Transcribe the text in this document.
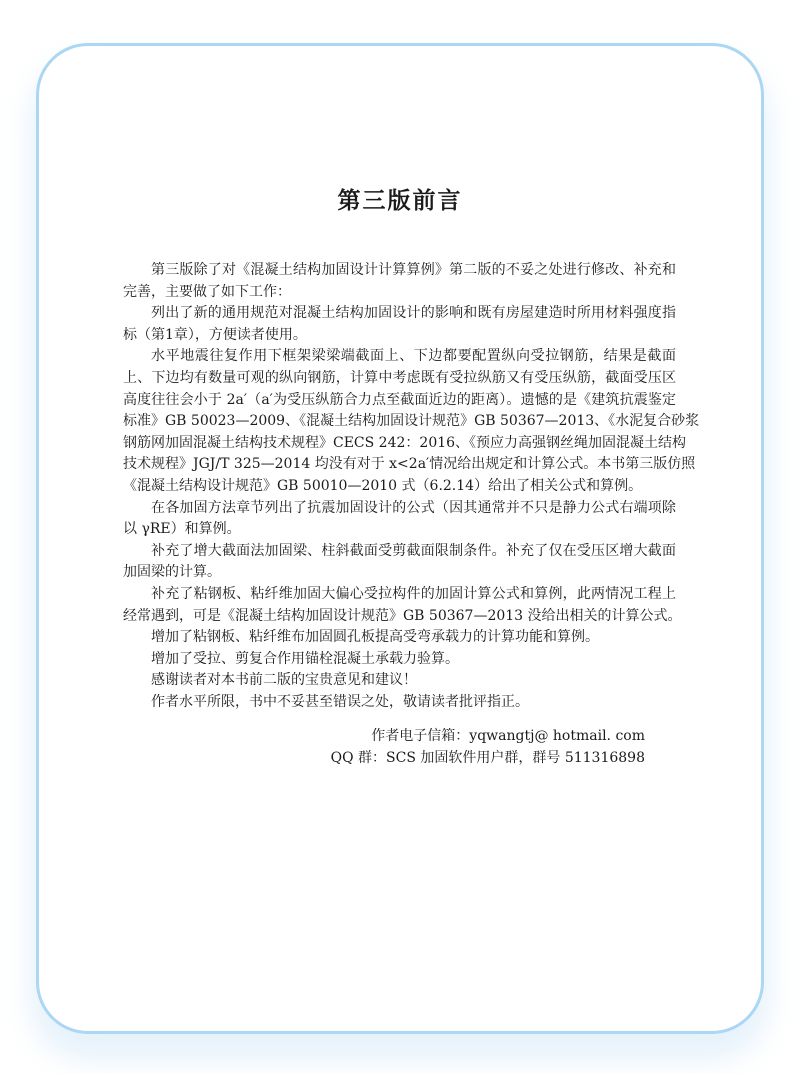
第三版前言
第三版除了对《混凝土结构加固设计计算算例》第二版的不妥之处进行修改、补充和
完善，主要做了如下工作：
列出了新的通用规范对混凝土结构加固设计的影响和既有房屋建造时所用材料强度指
标（第1章），方便读者使用。
水平地震往复作用下框架梁梁端截面上、下边都要配置纵向受拉钢筋，结果是截面
上、下边均有数量可观的纵向钢筋，计算中考虑既有受拉纵筋又有受压纵筋，截面受压区
高度往往会小于 2a′（a′为受压纵筋合力点至截面近边的距离）。遗憾的是《建筑抗震鉴定
标准》GB 50023—2009、《混凝土结构加固设计规范》GB 50367—2013、《水泥复合砂浆
钢筋网加固混凝土结构技术规程》CECS 242：2016、《预应力高强钢丝绳加固混凝土结构
技术规程》JGJ/T 325—2014 均没有对于 x<2a′情况给出规定和计算公式。本书第三版仿照
《混凝土结构设计规范》GB 50010—2010 式（6.2.14）给出了相关公式和算例。
在各加固方法章节列出了抗震加固设计的公式（因其通常并不只是静力公式右端项除
以 γRE）和算例。
补充了增大截面法加固梁、柱斜截面受剪截面限制条件。补充了仅在受压区增大截面
加固梁的计算。
补充了粘钢板、粘纤维加固大偏心受拉构件的加固计算公式和算例，此两情况工程上
经常遇到，可是《混凝土结构加固设计规范》GB 50367—2013 没给出相关的计算公式。
增加了粘钢板、粘纤维布加固圆孔板提高受弯承载力的计算功能和算例。
增加了受拉、剪复合作用锚栓混凝土承载力验算。
感谢读者对本书前二版的宝贵意见和建议！
作者水平所限，书中不妥甚至错误之处，敬请读者批评指正。
作者电子信箱：yqwangtj@ hotmail. com
QQ 群：SCS 加固软件用户群，群号 511316898
